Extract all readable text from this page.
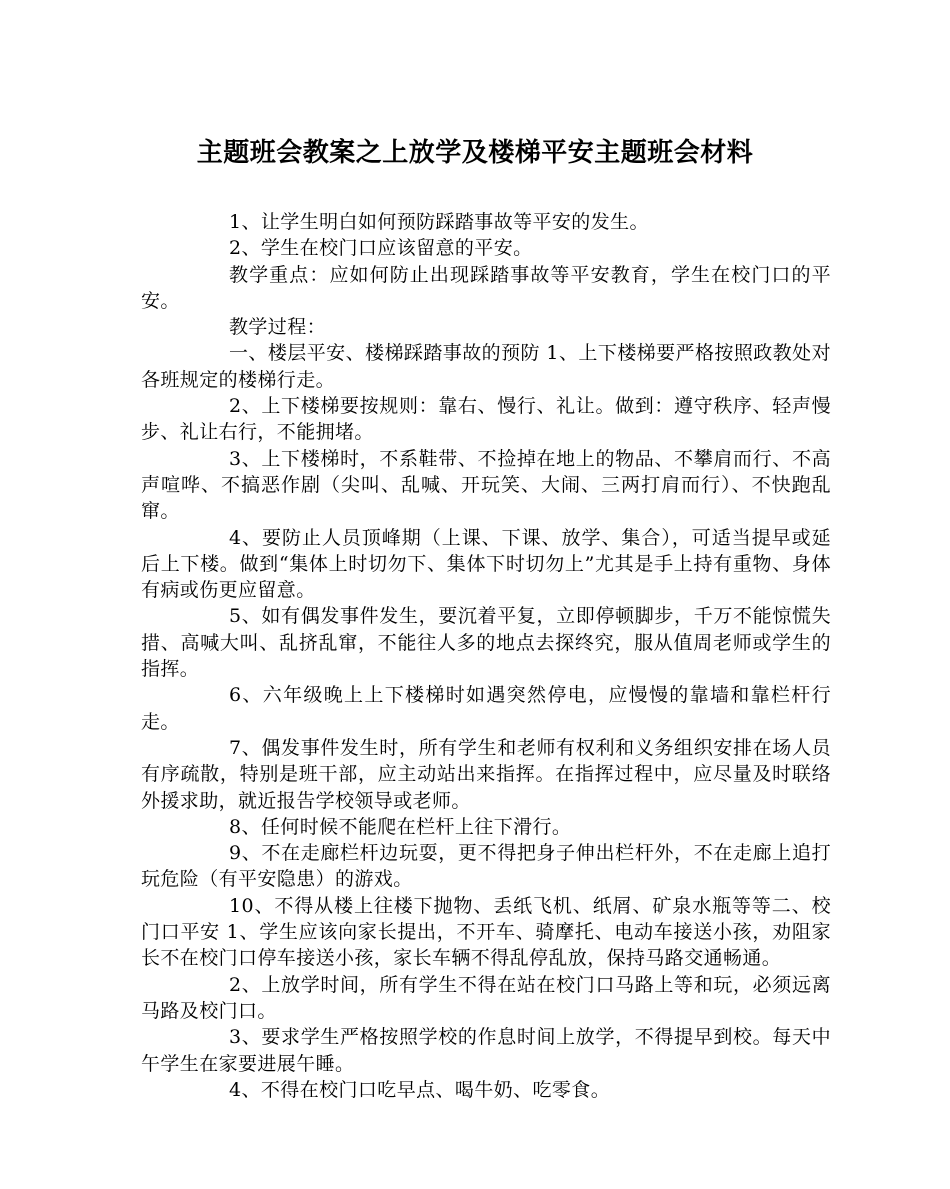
主题班会教案之上放学及楼梯平安主题班会材料

1、让学生明白如何预防踩踏事故等平安的发生。

2、学生在校门口应该留意的平安。

教学重点：应如何防止出现踩踏事故等平安教育，学生在校门口的平安。

教学过程：

一、楼层平安、楼梯踩踏事故的预防 1、上下楼梯要严格按照政教处对各班规定的楼梯行走。

2、上下楼梯要按规则：靠右、慢行、礼让。做到：遵守秩序、轻声慢步、礼让右行，不能拥堵。

3、上下楼梯时，不系鞋带、不捡掉在地上的物品、不攀肩而行、不高声喧哗、不搞恶作剧（尖叫、乱喊、开玩笑、大闹、三两打肩而行）、不快跑乱窜。

4、要防止人员顶峰期（上课、下课、放学、集合），可适当提早或延后上下楼。做到“集体上时切勿下、集体下时切勿上”尤其是手上持有重物、身体有病或伤更应留意。

5、如有偶发事件发生，要沉着平复，立即停顿脚步，千万不能惊慌失措、高喊大叫、乱挤乱窜，不能往人多的地点去探终究，服从值周老师或学生的指挥。

6、六年级晚上上下楼梯时如遇突然停电，应慢慢的靠墙和靠栏杆行走。

7、偶发事件发生时，所有学生和老师有权利和义务组织安排在场人员有序疏散，特别是班干部，应主动站出来指挥。在指挥过程中，应尽量及时联络外援求助，就近报告学校领导或老师。

8、任何时候不能爬在栏杆上往下滑行。

9、不在走廊栏杆边玩耍，更不得把身子伸出栏杆外，不在走廊上追打玩危险（有平安隐患）的游戏。

10、不得从楼上往楼下抛物、丢纸飞机、纸屑、矿泉水瓶等等二、校门口平安 1、学生应该向家长提出，不开车、骑摩托、电动车接送小孩，劝阻家长不在校门口停车接送小孩，家长车辆不得乱停乱放，保持马路交通畅通。

2、上放学时间，所有学生不得在站在校门口马路上等和玩，必须远离马路及校门口。

3、要求学生严格按照学校的作息时间上放学，不得提早到校。每天中午学生在家要进展午睡。

4、不得在校门口吃早点、喝牛奶、吃零食。
